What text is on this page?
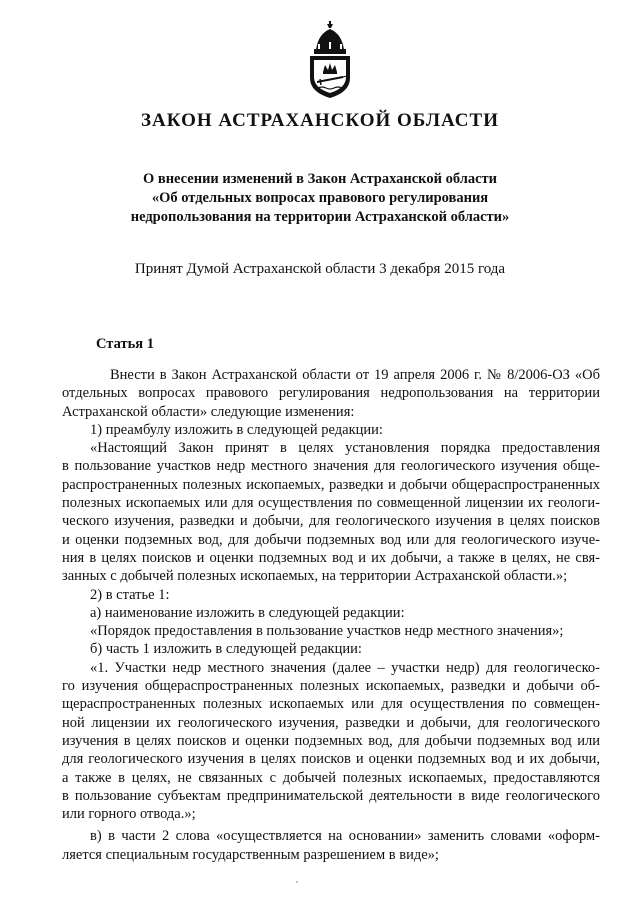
ЗАКОН АСТРАХАНСКОЙ ОБЛАСТИ
О внесении изменений в Закон Астраханской области
«Об отдельных вопросах правового регулирования
недропользования на территории Астраханской области»
Принят Думой Астраханской области 3 декабря 2015 года
Статья 1
Внести в Закон Астраханской области от 19 апреля 2006 г. № 8/2006-ОЗ «Об
отдельных вопросах правового регулирования недропользования на территории
Астраханской области» следующие изменения:
1) преамбулу изложить в следующей редакции:
«Настоящий Закон принят в целях установления порядка предоставления
в пользование участков недр местного значения для геологического изучения обще-
распространенных полезных ископаемых, разведки и добычи общераспространенных
полезных ископаемых или для осуществления по совмещенной лицензии их геологи-
ческого изучения, разведки и добычи, для геологического изучения в целях поисков
и оценки подземных вод, для добычи подземных вод или для геологического изуче-
ния в целях поисков и оценки подземных вод и их добычи, а также в целях, не свя-
занных с добычей полезных ископаемых, на территории Астраханской области.»;
2) в статье 1:
а) наименование изложить в следующей редакции:
«Порядок предоставления в пользование участков недр местного значения»;
б) часть 1 изложить в следующей редакции:
«1. Участки недр местного значения (далее – участки недр) для геологическо-
го изучения общераспространенных полезных ископаемых, разведки и добычи об-
щераспространенных полезных ископаемых или для осуществления по совмещен-
ной лицензии их геологического изучения, разведки и добычи, для геологического
изучения в целях поисков и оценки подземных вод, для добычи подземных вод или
для геологического изучения в целях поисков и оценки подземных вод и их добычи,
а также в целях, не связанных с добычей полезных ископаемых, предоставляются
в пользование субъектам предпринимательской деятельности в виде геологического
или горного отвода.»;
в) в части 2 слова «осуществляется на основании» заменить словами «оформ-
ляется специальным государственным разрешением в виде»;
